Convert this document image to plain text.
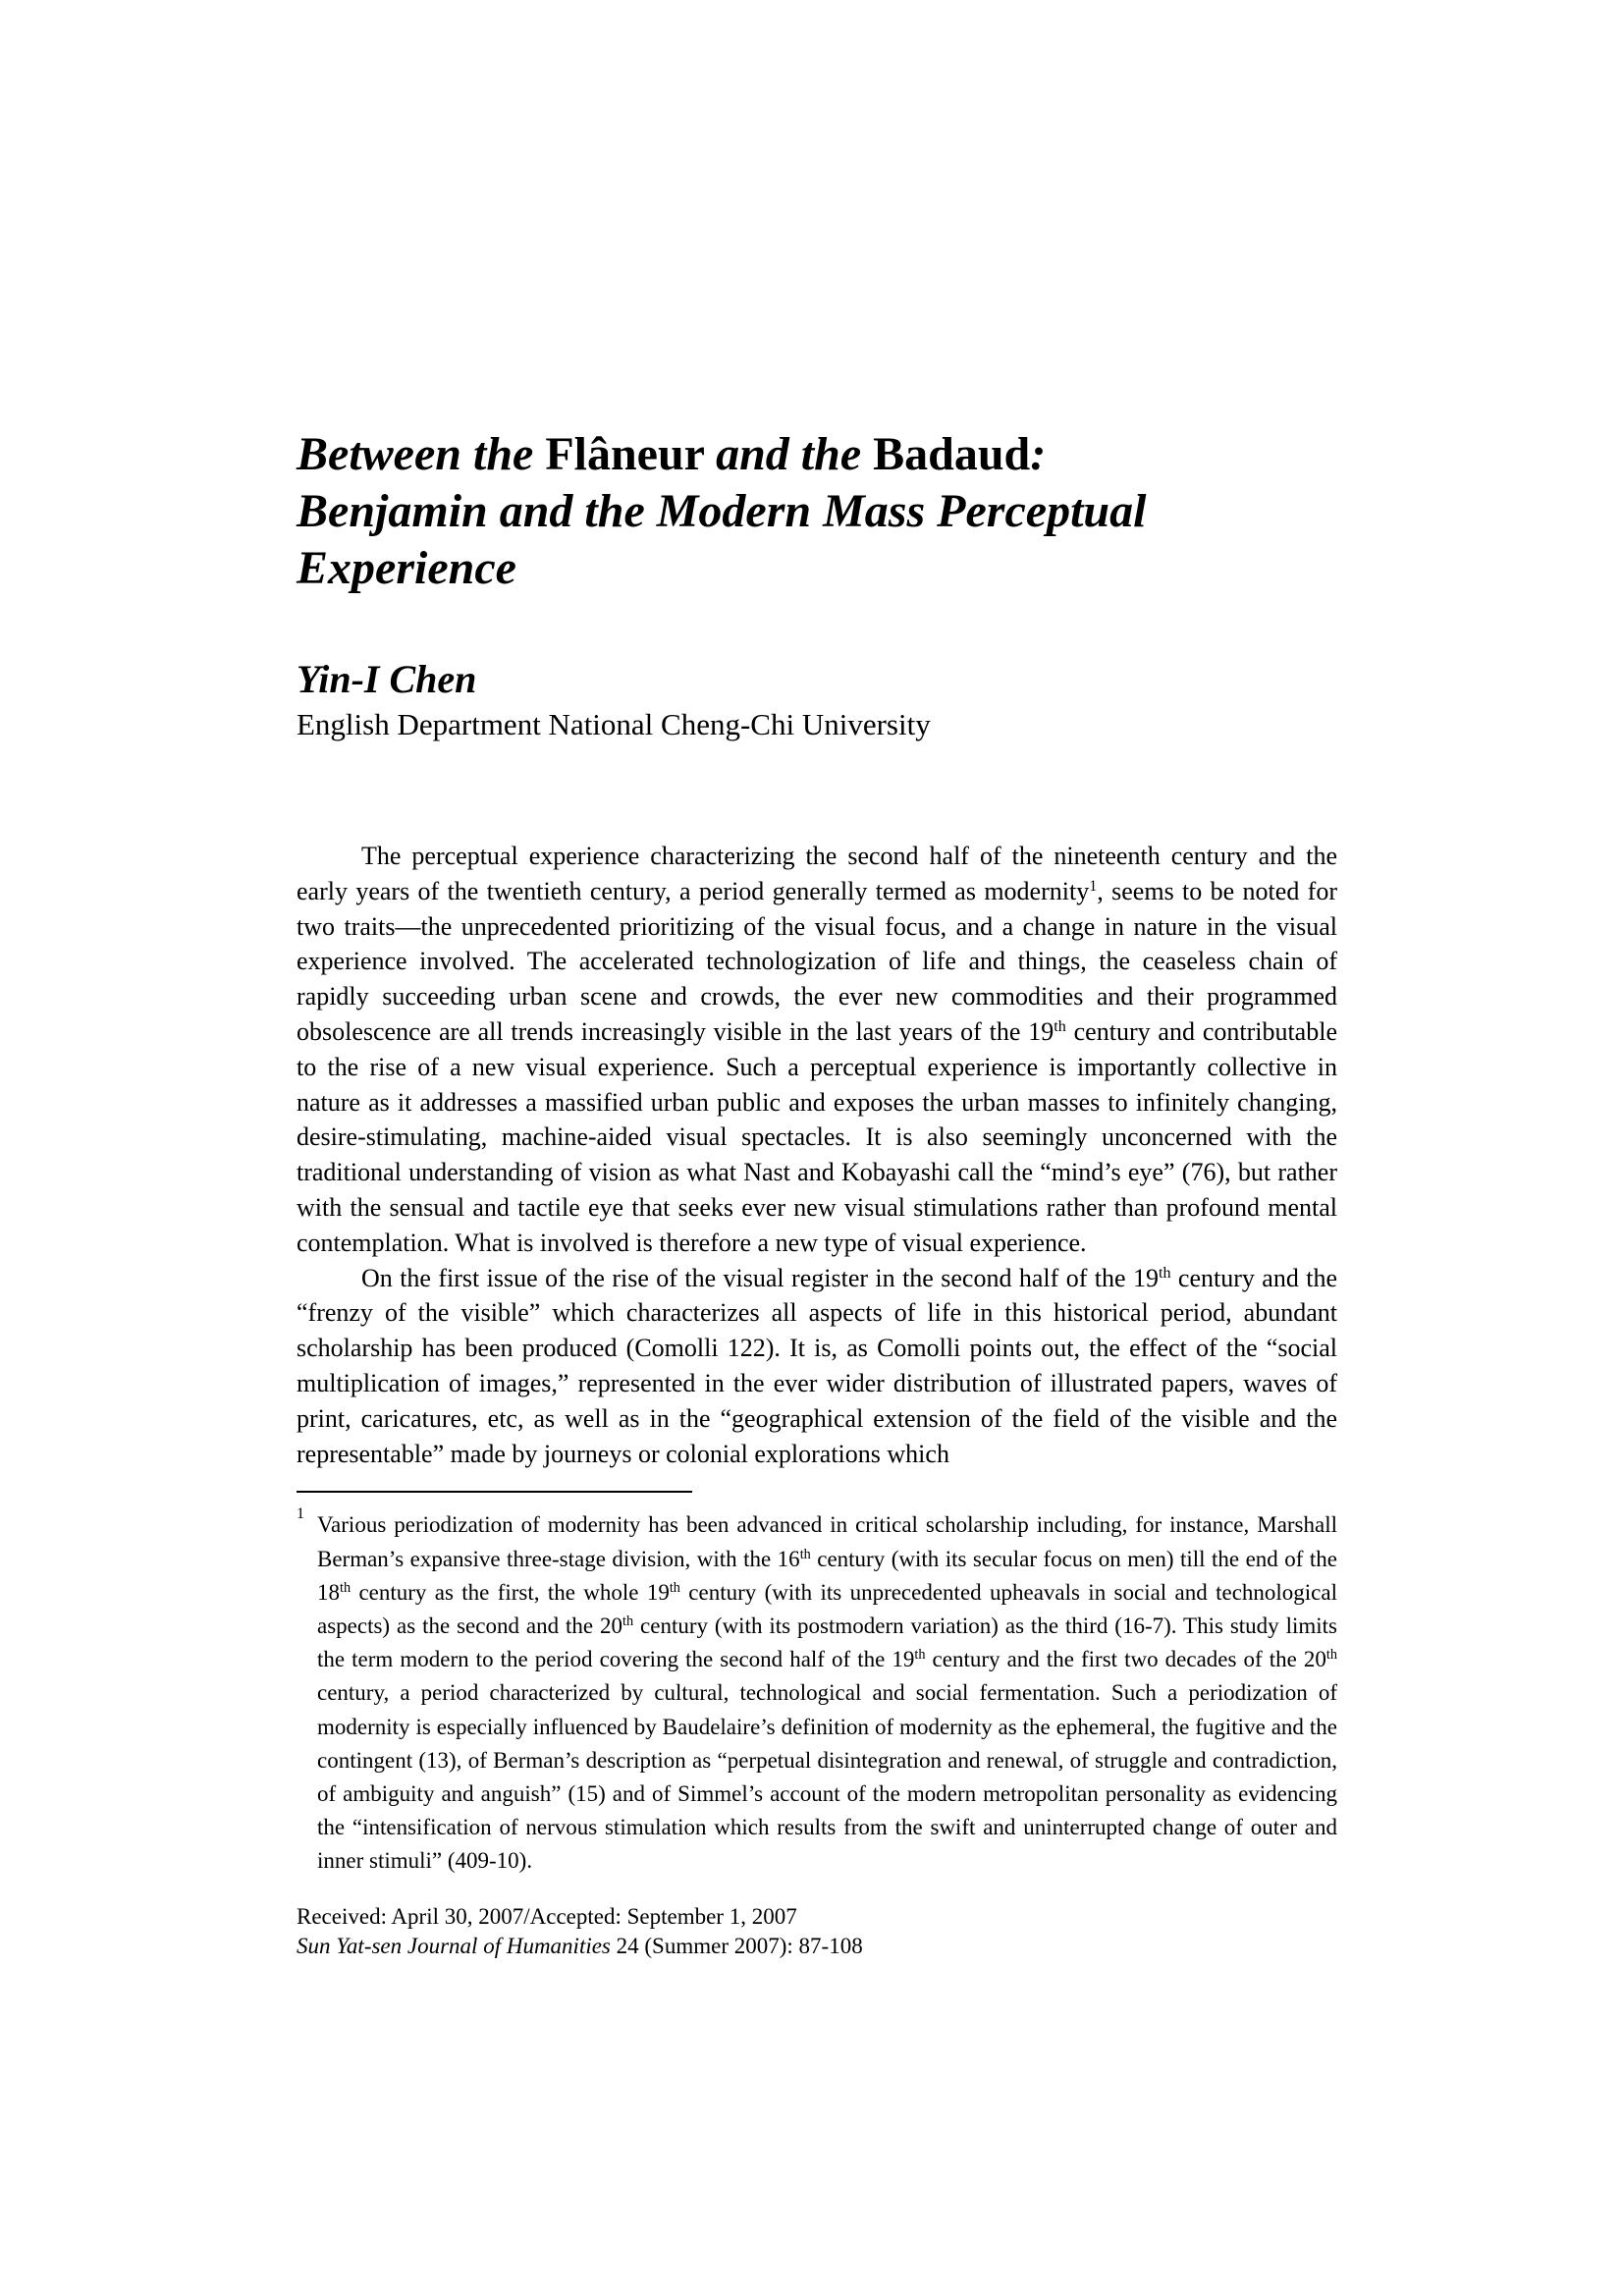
Between the Flâneur and the Badaud:
Benjamin and the Modern Mass Perceptual
Experience
Yin-I Chen
English Department National Cheng-Chi University

The perceptual experience characterizing the second half of the nineteenth century and the early years of the twentieth century, a period generally termed as modernity$^1$, seems to be noted for two traits—the unprecedented prioritizing of the visual focus, and a change in nature in the visual experience involved. The accelerated technologization of life and things, the ceaseless chain of rapidly succeeding urban scene and crowds, the ever new commodities and their programmed obsolescence are all trends increasingly visible in the last years of the 19th century and contributable to the rise of a new visual experience. Such a perceptual experience is importantly collective in nature as it addresses a massified urban public and exposes the urban masses to infinitely changing, desire-stimulating, machine-aided visual spectacles. It is also seemingly unconcerned with the traditional understanding of vision as what Nast and Kobayashi call the “mind’s eye” (76), but rather with the sensual and tactile eye that seeks ever new visual stimulations rather than profound mental contemplation. What is involved is therefore a new type of visual experience.

On the first issue of the rise of the visual register in the second half of the 19th century and the “frenzy of the visible” which characterizes all aspects of life in this historical period, abundant scholarship has been produced (Comolli 122). It is, as Comolli points out, the effect of the “social multiplication of images,” represented in the ever wider distribution of illustrated papers, waves of print, caricatures, etc, as well as in the “geographical extension of the field of the visible and the representable” made by journeys or colonial explorations which

1 Various periodization of modernity has been advanced in critical scholarship including, for instance, Marshall Berman’s expansive three-stage division, with the 16th century (with its secular focus on men) till the end of the 18th century as the first, the whole 19th century (with its unprecedented upheavals in social and technological aspects) as the second and the 20th century (with its postmodern variation) as the third (16-7). This study limits the term modern to the period covering the second half of the 19th century and the first two decades of the 20th century, a period characterized by cultural, technological and social fermentation. Such a periodization of modernity is especially influenced by Baudelaire’s definition of modernity as the ephemeral, the fugitive and the contingent (13), of Berman’s description as “perpetual disintegration and renewal, of struggle and contradiction, of ambiguity and anguish” (15) and of Simmel’s account of the modern metropolitan personality as evidencing the “intensification of nervous stimulation which results from the swift and uninterrupted change of outer and inner stimuli” (409-10).
Received: April 30, 2007/Accepted: September 1, 2007
Sun Yat-sen Journal of Humanities 24 (Summer 2007): 87-108
